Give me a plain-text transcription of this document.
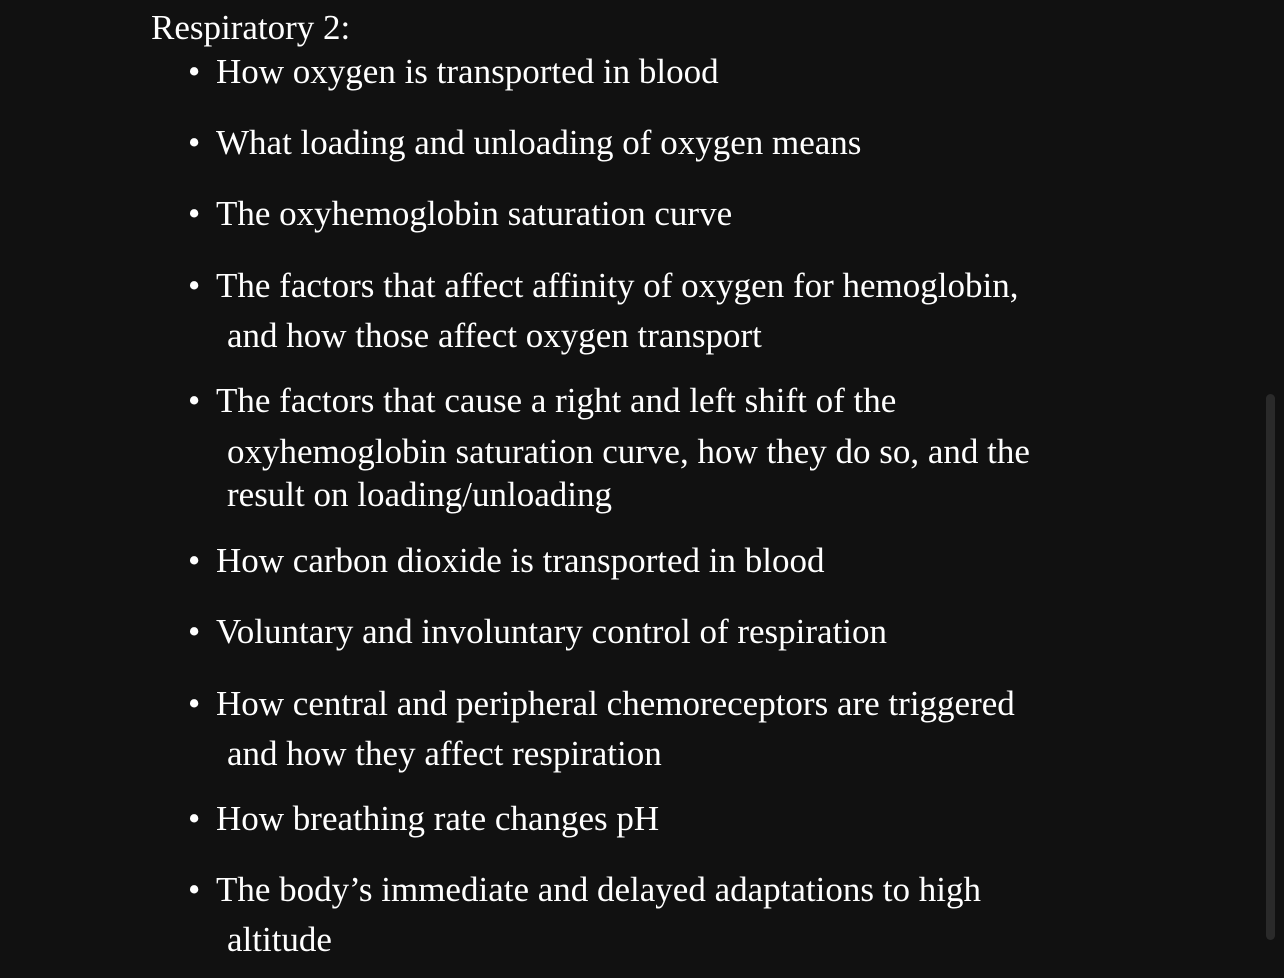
Respiratory 2:
• How oxygen is transported in blood
• What loading and unloading of oxygen means
• The oxyhemoglobin saturation curve
• The factors that affect affinity of oxygen for hemoglobin,
and how those affect oxygen transport
• The factors that cause a right and left shift of the
oxyhemoglobin saturation curve, how they do so, and the
result on loading/unloading
• How carbon dioxide is transported in blood
• Voluntary and involuntary control of respiration
• How central and peripheral chemoreceptors are triggered
and how they affect respiration
• How breathing rate changes pH
• The body’s immediate and delayed adaptations to high
altitude
